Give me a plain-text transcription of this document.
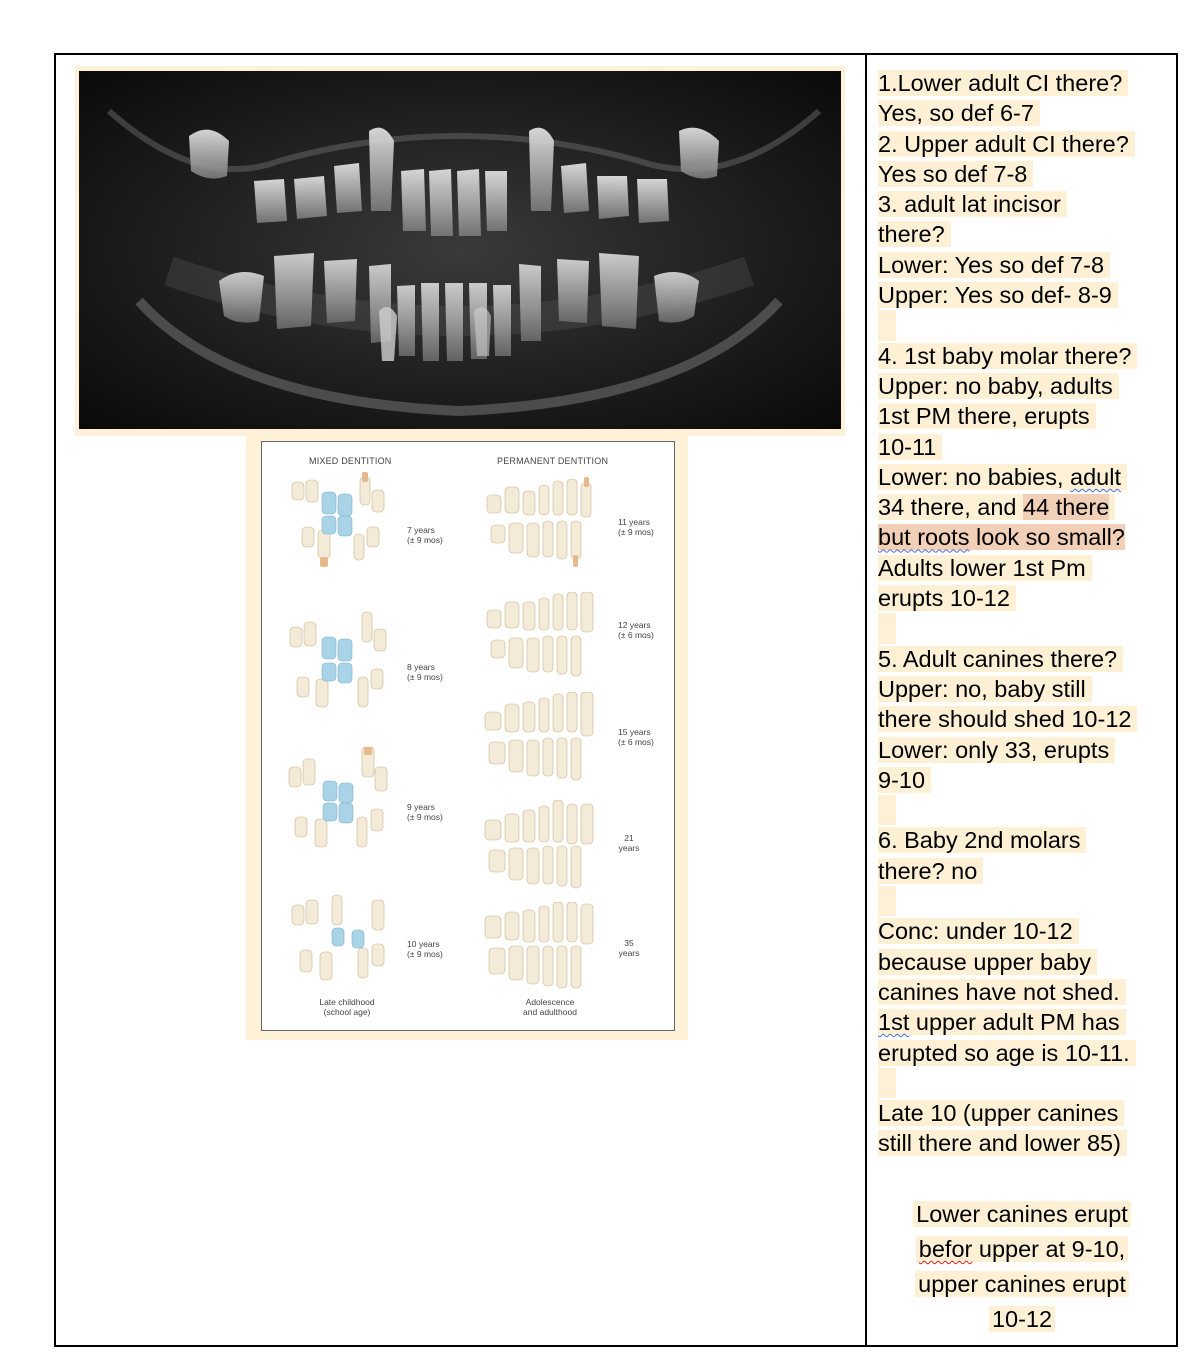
MIXED DENTITION	PERMANENT DENTITION
7 years
(± 9 mos)
8 years
(± 9 mos)
9 years
(± 9 mos)
10 years
(± 9 mos)
11 years
(± 9 mos)
12 years
(± 6 mos)
15 years
(± 6 mos)
21
years
35
years
Late childhood
(school age)
Adolescence
and adulthood
1.Lower adult CI there?
Yes, so def 6-7
2. Upper adult CI there?
Yes so def 7-8
3. adult lat incisor
there?
Lower: Yes so def 7-8
Upper: Yes so def- 8-9
4. 1st baby molar there?
Upper: no baby, adults
1st PM there, erupts
10-11
Lower: no babies, adult
34 there, and 44 there
but roots look so small?
Adults lower 1st Pm
erupts 10-12
5. Adult canines there?
Upper: no, baby still
there should shed 10-12
Lower: only 33, erupts
9-10
6. Baby 2nd molars
there? no
Conc: under 10-12
because upper baby
canines have not shed.
1st upper adult PM has
erupted so age is 10-11.
Late 10 (upper canines
still there and lower 85)
Lower canines erupt
befor upper at 9-10,
upper canines erupt
10-12
